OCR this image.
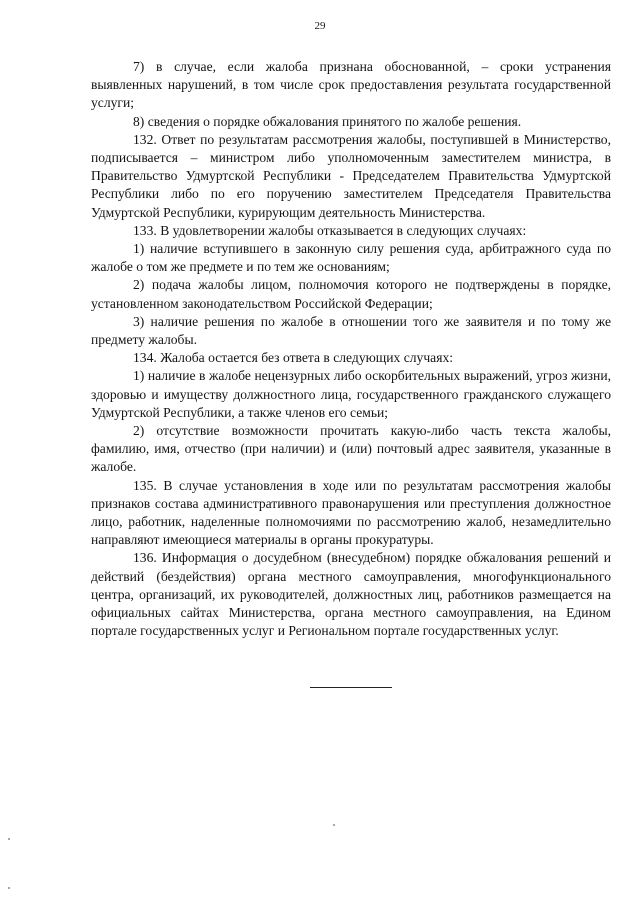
29

7) в случае, если жалоба признана обоснованной, – сроки устранения выявленных нарушений, в том числе срок предоставления результата государственной услуги;

8) сведения о порядке обжалования принятого по жалобе решения.

132. Ответ по результатам рассмотрения жалобы, поступившей в Министерство, подписывается – министром либо уполномоченным заместителем министра, в Правительство Удмуртской Республики - Председателем Правительства Удмуртской Республики либо по его поручению заместителем Председателя Правительства Удмуртской Республики, курирующим деятельность Министерства.

133. В удовлетворении жалобы отказывается в следующих случаях:

1) наличие вступившего в законную силу решения суда, арбитражного суда по жалобе о том же предмете и по тем же основаниям;

2) подача жалобы лицом, полномочия которого не подтверждены в порядке, установленном законодательством Российской Федерации;

3) наличие решения по жалобе в отношении того же заявителя и по тому же предмету жалобы.

134. Жалоба остается без ответа в следующих случаях:

1) наличие в жалобе нецензурных либо оскорбительных выражений, угроз жизни, здоровью и имуществу должностного лица, государственного гражданского служащего Удмуртской Республики, а также членов его семьи;

2) отсутствие возможности прочитать какую-либо часть текста жалобы, фамилию, имя, отчество (при наличии) и (или) почтовый адрес заявителя, указанные в жалобе.

135. В случае установления в ходе или по результатам рассмотрения жалобы признаков состава административного правонарушения или преступления должностное лицо, работник, наделенные полномочиями по рассмотрению жалоб, незамедлительно направляют имеющиеся материалы в органы прокуратуры.

136. Информация о досудебном (внесудебном) порядке обжалования решений и действий (бездействия) органа местного самоуправления, многофункционального центра, организаций, их руководителей, должностных лиц, работников размещается на официальных сайтах Министерства, органа местного самоуправления, на Едином портале государственных услуг и Региональном портале государственных услуг.
